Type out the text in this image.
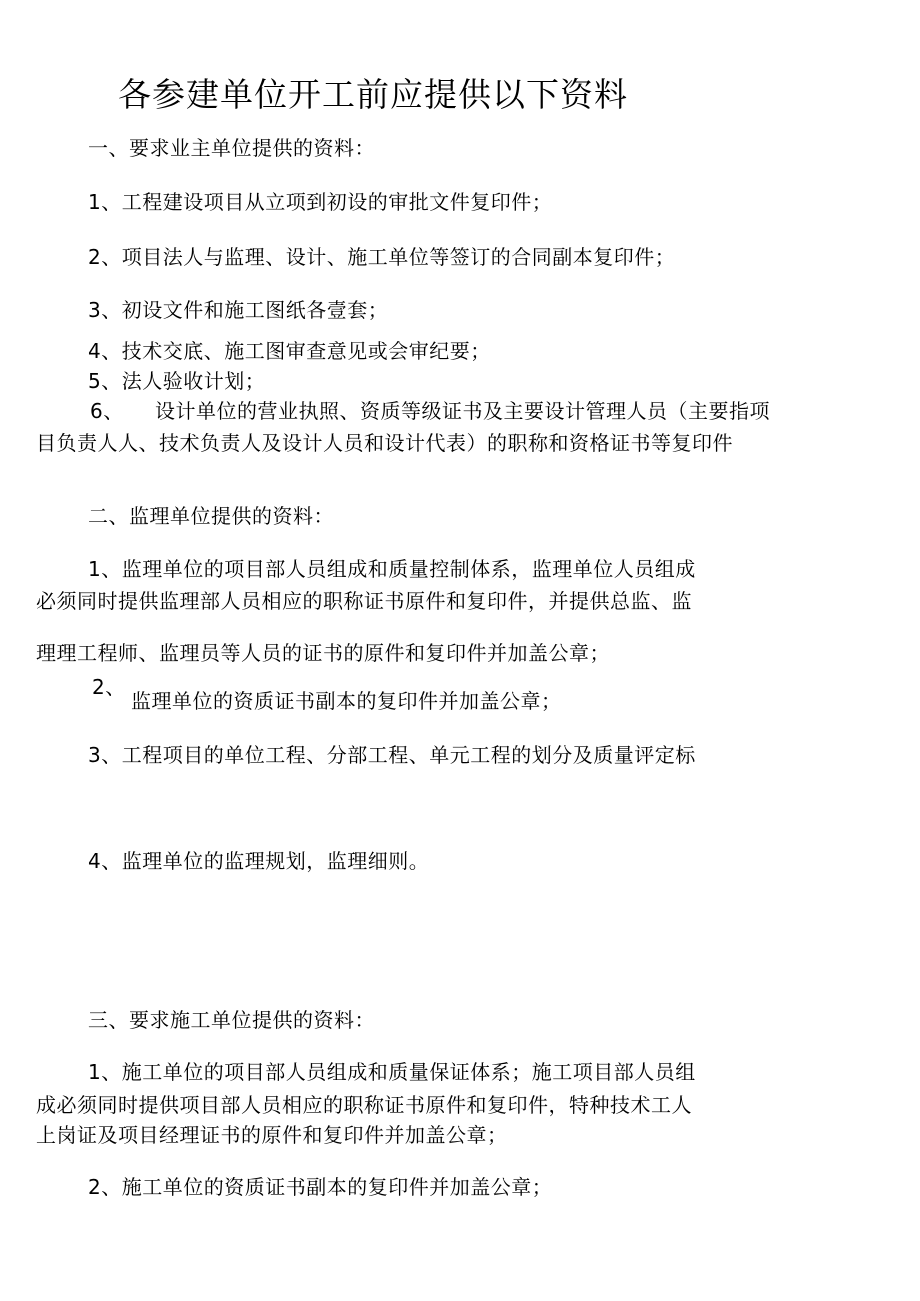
各参建单位开工前应提供以下资料
一、要求业主单位提供的资料：
1、工程建设项目从立项到初设的审批文件复印件；
2、项目法人与监理、设计、施工单位等签订的合同副本复印件；
3、初设文件和施工图纸各壹套；
4、技术交底、施工图审查意见或会审纪要；
5、法人验收计划；
6、 设计单位的营业执照、资质等级证书及主要设计管理人员（主要指项
目负责人人、技术负责人及设计人员和设计代表）的职称和资格证书等复印件
二、监理单位提供的资料：
1、监理单位的项目部人员组成和质量控制体系，监理单位人员组成
必须同时提供监理部人员相应的职称证书原件和复印件，并提供总监、监
理理工程师、监理员等人员的证书的原件和复印件并加盖公章；
2、
监理单位的资质证书副本的复印件并加盖公章；
3、工程项目的单位工程、分部工程、单元工程的划分及质量评定标
4、监理单位的监理规划，监理细则。
三、要求施工单位提供的资料：
1、施工单位的项目部人员组成和质量保证体系；施工项目部人员组
成必须同时提供项目部人员相应的职称证书原件和复印件，特种技术工人
上岗证及项目经理证书的原件和复印件并加盖公章；
2、施工单位的资质证书副本的复印件并加盖公章；
